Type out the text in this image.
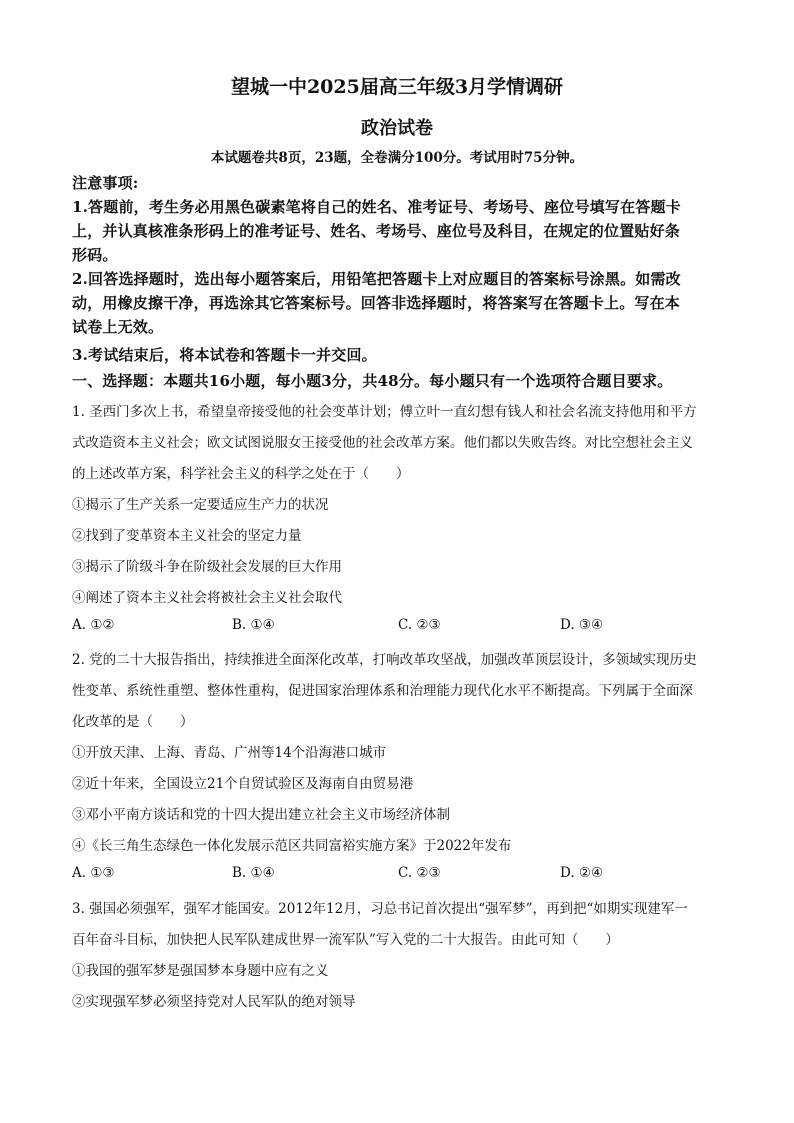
望城一中2025届高三年级3月学情调研
政治试卷
本试题卷共8页，23题，全卷满分100分。考试用时75分钟。
注意事项:
1.答题前，考生务必用黑色碳素笔将自己的姓名、准考证号、考场号、座位号填写在答题卡
上，并认真核准条形码上的准考证号、姓名、考场号、座位号及科目，在规定的位置贴好条
形码。
2.回答选择题时，选出每小题答案后，用铅笔把答题卡上对应题目的答案标号涂黑。如需改
动，用橡皮擦干净，再选涂其它答案标号。回答非选择题时，将答案写在答题卡上。写在本
试卷上无效。
3.考试结束后，将本试卷和答题卡一并交回。
一、选择题：本题共16小题，每小题3分，共48分。每小题只有一个选项符合题目要求。
1. 圣西门多次上书，希望皇帝接受他的社会变革计划；傅立叶一直幻想有钱人和社会名流支持他用和平方
式改造资本主义社会；欧文试图说服女王接受他的社会改革方案。他们都以失败告终。对比空想社会主义
的上述改革方案，科学社会主义的科学之处在于（　　）
①揭示了生产关系一定要适应生产力的状况
②找到了变革资本主义社会的坚定力量
③揭示了阶级斗争在阶级社会发展的巨大作用
④阐述了资本主义社会将被社会主义社会取代
A. ①②	B. ①④	C. ②③	D. ③④
2. 党的二十大报告指出，持续推进全面深化改革，打响改革攻坚战，加强改革顶层设计，多领域实现历史
性变革、系统性重塑、整体性重构，促进国家治理体系和治理能力现代化水平不断提高。下列属于全面深
化改革的是（　　）
①开放天津、上海、青岛、广州等14个沿海港口城市
②近十年来，全国设立21个自贸试验区及海南自由贸易港
③邓小平南方谈话和党的十四大提出建立社会主义市场经济体制
④《长三角生态绿色一体化发展示范区共同富裕实施方案》于2022年发布
A. ①③	B. ①④	C. ②③	D. ②④
3. 强国必须强军，强军才能国安。2012年12月，习总书记首次提出“强军梦”，再到把“如期实现建军一
百年奋斗目标，加快把人民军队建成世界一流军队”写入党的二十大报告。由此可知（　　）
①我国的强军梦是强国梦本身题中应有之义
②实现强军梦必须坚持党对人民军队的绝对领导
